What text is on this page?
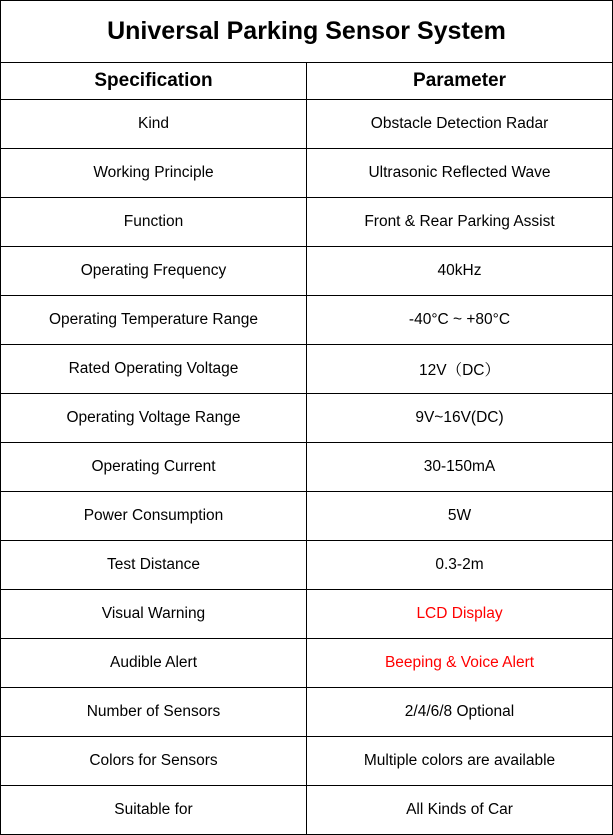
Universal Parking Sensor System	
Specification	Parameter
Kind	Obstacle Detection Radar
Working Principle	Ultrasonic Reflected Wave
Function	Front & Rear Parking Assist
Operating Frequency	40kHz
Operating Temperature Range	-40°C ~ +80°C
Rated Operating Voltage	12V（DC）
Operating Voltage Range	9V~16V(DC)
Operating Current	30-150mA
Power Consumption	5W
Test Distance	0.3-2m
Visual Warning	LCD Display
Audible Alert	Beeping & Voice Alert
Number of Sensors	2/4/6/8 Optional
Colors for Sensors	Multiple colors are available
Suitable for	All Kinds of Car
